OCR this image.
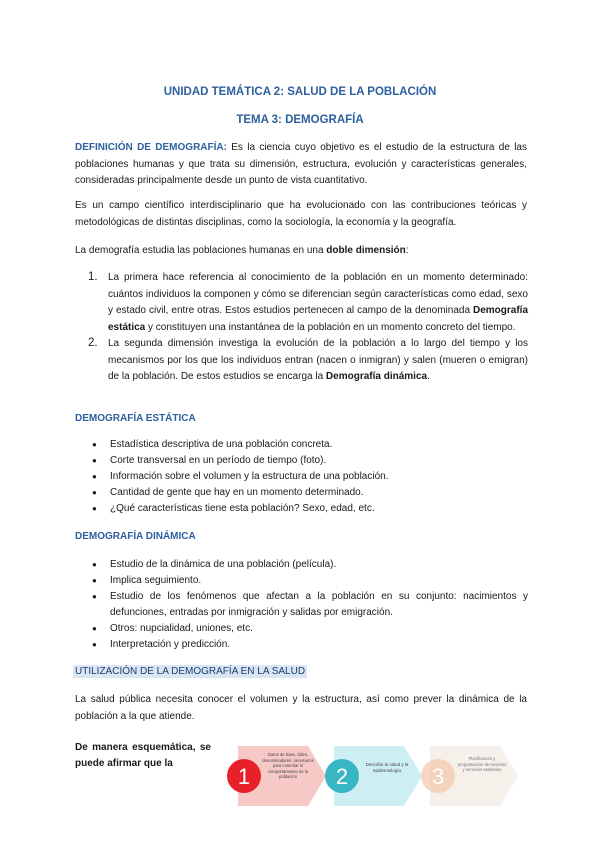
UNIDAD TEMÁTICA 2: SALUD DE LA POBLACIÓN
TEMA 3: DEMOGRAFÍA

DEFINICIÓN DE DEMOGRAFÍA: Es la ciencia cuyo objetivo es el estudio de la estructura de las poblaciones humanas y que trata su dimensión, estructura, evolución y características generales, consideradas principalmente desde un punto de vista cuantitativo.

Es un campo científico interdisciplinario que ha evolucionado con las contribuciones teóricas y metodológicas de distintas disciplinas, como la sociología, la economía y la geografía.

La demografía estudia las poblaciones humanas en una doble dimensión:

1. La primera hace referencia al conocimiento de la población en un momento determinado: cuántos individuos la componen y cómo se diferencian según características como edad, sexo y estado civil, entre otras. Estos estudios pertenecen al campo de la denominada Demografía estática y constituyen una instantánea de la población en un momento concreto del tiempo.
2. La segunda dimensión investiga la evolución de la población a lo largo del tiempo y los mecanismos por los que los individuos entran (nacen o inmigran) y salen (mueren o emigran) de la población. De estos estudios se encarga la Demografía dinámica.
DEMOGRAFÍA ESTÁTICA
● Estadística descriptiva de una población concreta.
● Corte transversal en un período de tiempo (foto).
● Información sobre el volumen y la estructura de una población.
● Cantidad de gente que hay en un momento determinado.
● ¿Qué características tiene esta población? Sexo, edad, etc.
DEMOGRAFÍA DINÁMICA
● Estudio de la dinámica de una población (película).
● Implica seguimiento.
● Estudio de los fenómenos que afectan a la población en su conjunto: nacimientos y defunciones, entradas por inmigración y salidas por emigración.
● Otros: nupcialidad, uniones, etc.
● Interpretación y predicción.
UTILIZACIÓN DE LA DEMOGRAFÍA EN LA SALUD

La salud pública necesita conocer el volumen y la estructura, así como prever la dinámica de la población a la que atiende.

De manera esquemática, se puede afirmar que la
1
Datos de base, útiles, denominadores, necesarios para controlar el comportamiento de la población	2	Describir la salud y la epidemiología	3
Planificación y programación de recursos y servicios sanitarios
